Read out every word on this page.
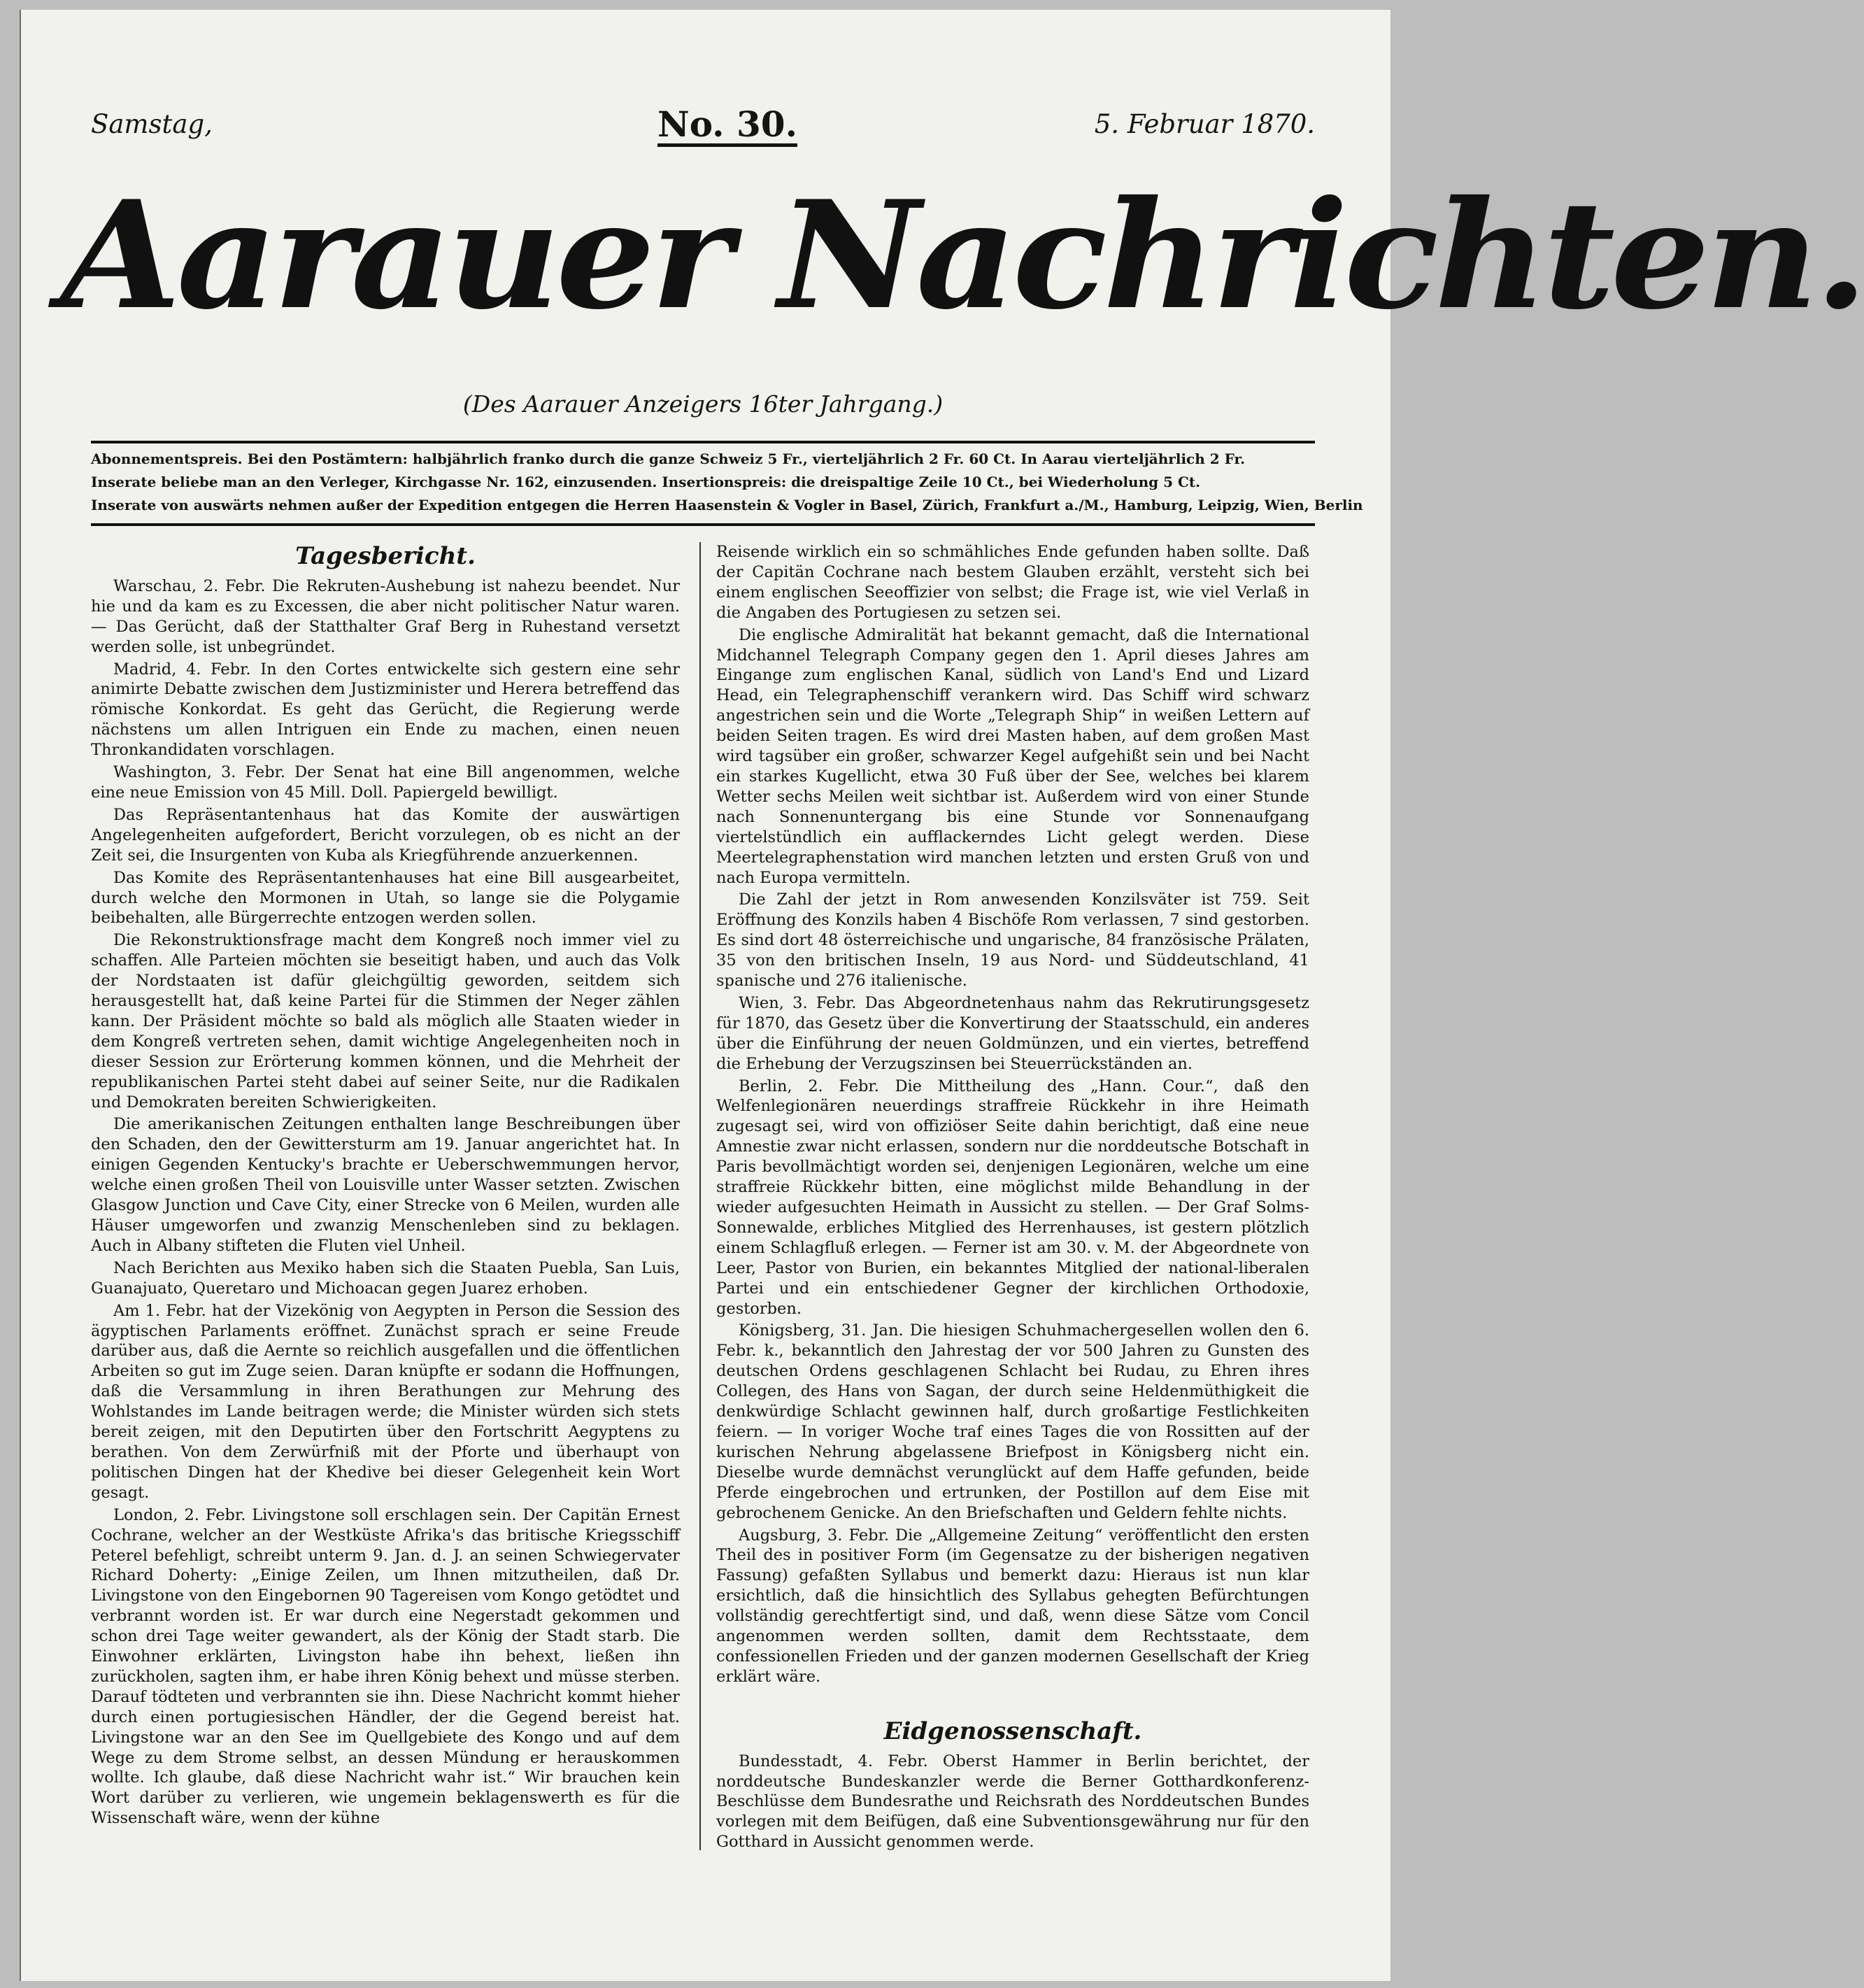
Samstag,	No. 30.	5. Februar 1870.
Aarauer Nachrichten.
(Des Aarauer Anzeigers 16ter Jahrgang.)

Abonnementspreis. Bei den Postämtern: halbjährlich franko durch die ganze Schweiz 5 Fr., vierteljährlich 2 Fr. 60 Ct. In Aarau vierteljährlich 2 Fr.

Inserate beliebe man an den Verleger, Kirchgasse Nr. 162, einzusenden. Insertionspreis: die dreispaltige Zeile 10 Ct., bei Wiederholung 5 Ct.

Inserate von auswärts nehmen außer der Expedition entgegen die Herren Haasenstein & Vogler in Basel, Zürich, Frankfurt a./M., Hamburg, Leipzig, Wien, Berlin

Tagesbericht.

Warschau, 2. Febr. Die Rekruten-Aushebung ist nahezu beendet. Nur hie und da kam es zu Excessen, die aber nicht politischer Natur waren. — Das Gerücht, daß der Statthalter Graf Berg in Ruhestand versetzt werden solle, ist unbegründet.

Madrid, 4. Febr. In den Cortes entwickelte sich gestern eine sehr animirte Debatte zwischen dem Justizminister und Herera betreffend das römische Konkordat. Es geht das Gerücht, die Regierung werde nächstens um allen Intriguen ein Ende zu machen, einen neuen Thronkandidaten vorschlagen.

Washington, 3. Febr. Der Senat hat eine Bill angenommen, welche eine neue Emission von 45 Mill. Doll. Papiergeld bewilligt.

Das Repräsentantenhaus hat das Komite der auswärtigen Angelegenheiten aufgefordert, Bericht vorzulegen, ob es nicht an der Zeit sei, die Insurgenten von Kuba als Kriegführende anzuerkennen.

Das Komite des Repräsentantenhauses hat eine Bill ausgearbeitet, durch welche den Mormonen in Utah, so lange sie die Polygamie beibehalten, alle Bürgerrechte entzogen werden sollen.

Die Rekonstruktionsfrage macht dem Kongreß noch immer viel zu schaffen. Alle Parteien möchten sie beseitigt haben, und auch das Volk der Nordstaaten ist dafür gleichgültig geworden, seitdem sich herausgestellt hat, daß keine Partei für die Stimmen der Neger zählen kann. Der Präsident möchte so bald als möglich alle Staaten wieder in dem Kongreß vertreten sehen, damit wichtige Angelegenheiten noch in dieser Session zur Erörterung kommen können, und die Mehrheit der republikanischen Partei steht dabei auf seiner Seite, nur die Radikalen und Demokraten bereiten Schwierigkeiten.

Die amerikanischen Zeitungen enthalten lange Beschreibungen über den Schaden, den der Gewittersturm am 19. Januar angerichtet hat. In einigen Gegenden Kentucky's brachte er Ueberschwemmungen hervor, welche einen großen Theil von Louisville unter Wasser setzten. Zwischen Glasgow Junction und Cave City, einer Strecke von 6 Meilen, wurden alle Häuser umgeworfen und zwanzig Menschenleben sind zu beklagen. Auch in Albany stifteten die Fluten viel Unheil.

Nach Berichten aus Mexiko haben sich die Staaten Puebla, San Luis, Guanajuato, Queretaro und Michoacan gegen Juarez erhoben.

Am 1. Febr. hat der Vizekönig von Aegypten in Person die Session des ägyptischen Parlaments eröffnet. Zunächst sprach er seine Freude darüber aus, daß die Aernte so reichlich ausgefallen und die öffentlichen Arbeiten so gut im Zuge seien. Daran knüpfte er sodann die Hoffnungen, daß die Versammlung in ihren Berathungen zur Mehrung des Wohlstandes im Lande beitragen werde; die Minister würden sich stets bereit zeigen, mit den Deputirten über den Fortschritt Aegyptens zu berathen. Von dem Zerwürfniß mit der Pforte und überhaupt von politischen Dingen hat der Khedive bei dieser Gelegenheit kein Wort gesagt.

London, 2. Febr. Livingstone soll erschlagen sein. Der Capitän Ernest Cochrane, welcher an der Westküste Afrika's das britische Kriegsschiff Peterel befehligt, schreibt unterm 9. Jan. d. J. an seinen Schwiegervater Richard Doherty: „Einige Zeilen, um Ihnen mitzutheilen, daß Dr. Livingstone von den Eingebornen 90 Tagereisen vom Kongo getödtet und verbrannt worden ist. Er war durch eine Negerstadt gekommen und schon drei Tage weiter gewandert, als der König der Stadt starb. Die Einwohner erklärten, Livingston habe ihn behext, ließen ihn zurückholen, sagten ihm, er habe ihren König behext und müsse sterben. Darauf tödteten und verbrannten sie ihn. Diese Nachricht kommt hieher durch einen portugiesischen Händler, der die Gegend bereist hat. Livingstone war an den See im Quellgebiete des Kongo und auf dem Wege zu dem Strome selbst, an dessen Mündung er herauskommen wollte. Ich glaube, daß diese Nachricht wahr ist.“ Wir brauchen kein Wort darüber zu verlieren, wie ungemein beklagenswerth es für die Wissenschaft wäre, wenn der kühne

Reisende wirklich ein so schmähliches Ende gefunden haben sollte. Daß der Capitän Cochrane nach bestem Glauben erzählt, versteht sich bei einem englischen Seeoffizier von selbst; die Frage ist, wie viel Verlaß in die Angaben des Portugiesen zu setzen sei.

Die englische Admiralität hat bekannt gemacht, daß die International Midchannel Telegraph Company gegen den 1. April dieses Jahres am Eingange zum englischen Kanal, südlich von Land's End und Lizard Head, ein Telegraphenschiff verankern wird. Das Schiff wird schwarz angestrichen sein und die Worte „Telegraph Ship“ in weißen Lettern auf beiden Seiten tragen. Es wird drei Masten haben, auf dem großen Mast wird tagsüber ein großer, schwarzer Kegel aufgehißt sein und bei Nacht ein starkes Kugellicht, etwa 30 Fuß über der See, welches bei klarem Wetter sechs Meilen weit sichtbar ist. Außerdem wird von einer Stunde nach Sonnenuntergang bis eine Stunde vor Sonnenaufgang viertelstündlich ein aufflackerndes Licht gelegt werden. Diese Meertelegraphenstation wird manchen letzten und ersten Gruß von und nach Europa vermitteln.

Die Zahl der jetzt in Rom anwesenden Konzilsväter ist 759. Seit Eröffnung des Konzils haben 4 Bischöfe Rom verlassen, 7 sind gestorben. Es sind dort 48 österreichische und ungarische, 84 französische Prälaten, 35 von den britischen Inseln, 19 aus Nord- und Süddeutschland, 41 spanische und 276 italienische.

Wien, 3. Febr. Das Abgeordnetenhaus nahm das Rekrutirungsgesetz für 1870, das Gesetz über die Konvertirung der Staatsschuld, ein anderes über die Einführung der neuen Goldmünzen, und ein viertes, betreffend die Erhebung der Verzugszinsen bei Steuerrückständen an.

Berlin, 2. Febr. Die Mittheilung des „Hann. Cour.“, daß den Welfenlegionären neuerdings straffreie Rückkehr in ihre Heimath zugesagt sei, wird von offiziöser Seite dahin berichtigt, daß eine neue Amnestie zwar nicht erlassen, sondern nur die norddeutsche Botschaft in Paris bevollmächtigt worden sei, denjenigen Legionären, welche um eine straffreie Rückkehr bitten, eine möglichst milde Behandlung in der wieder aufgesuchten Heimath in Aussicht zu stellen. — Der Graf Solms-Sonnewalde, erbliches Mitglied des Herrenhauses, ist gestern plötzlich einem Schlagfluß erlegen. — Ferner ist am 30. v. M. der Abgeordnete von Leer, Pastor von Burien, ein bekanntes Mitglied der national-liberalen Partei und ein entschiedener Gegner der kirchlichen Orthodoxie, gestorben.

Königsberg, 31. Jan. Die hiesigen Schuhmachergesellen wollen den 6. Febr. k., bekanntlich den Jahrestag der vor 500 Jahren zu Gunsten des deutschen Ordens geschlagenen Schlacht bei Rudau, zu Ehren ihres Collegen, des Hans von Sagan, der durch seine Heldenmüthigkeit die denkwürdige Schlacht gewinnen half, durch großartige Festlichkeiten feiern. — In voriger Woche traf eines Tages die von Rossitten auf der kurischen Nehrung abgelassene Briefpost in Königsberg nicht ein. Dieselbe wurde demnächst verunglückt auf dem Haffe gefunden, beide Pferde eingebrochen und ertrunken, der Postillon auf dem Eise mit gebrochenem Genicke. An den Briefschaften und Geldern fehlte nichts.

Augsburg, 3. Febr. Die „Allgemeine Zeitung“ veröffentlicht den ersten Theil des in positiver Form (im Gegensatze zu der bisherigen negativen Fassung) gefaßten Syllabus und bemerkt dazu: Hieraus ist nun klar ersichtlich, daß die hinsichtlich des Syllabus gehegten Befürchtungen vollständig gerechtfertigt sind, und daß, wenn diese Sätze vom Concil angenommen werden sollten, damit dem Rechtsstaate, dem confessionellen Frieden und der ganzen modernen Gesellschaft der Krieg erklärt wäre.

Eidgenossenschaft.

Bundesstadt, 4. Febr. Oberst Hammer in Berlin berichtet, der norddeutsche Bundeskanzler werde die Berner Gotthardkonferenz-Beschlüsse dem Bundesrathe und Reichsrath des Norddeutschen Bundes vorlegen mit dem Beifügen, daß eine Subventionsgewährung nur für den Gotthard in Aussicht genommen werde.
